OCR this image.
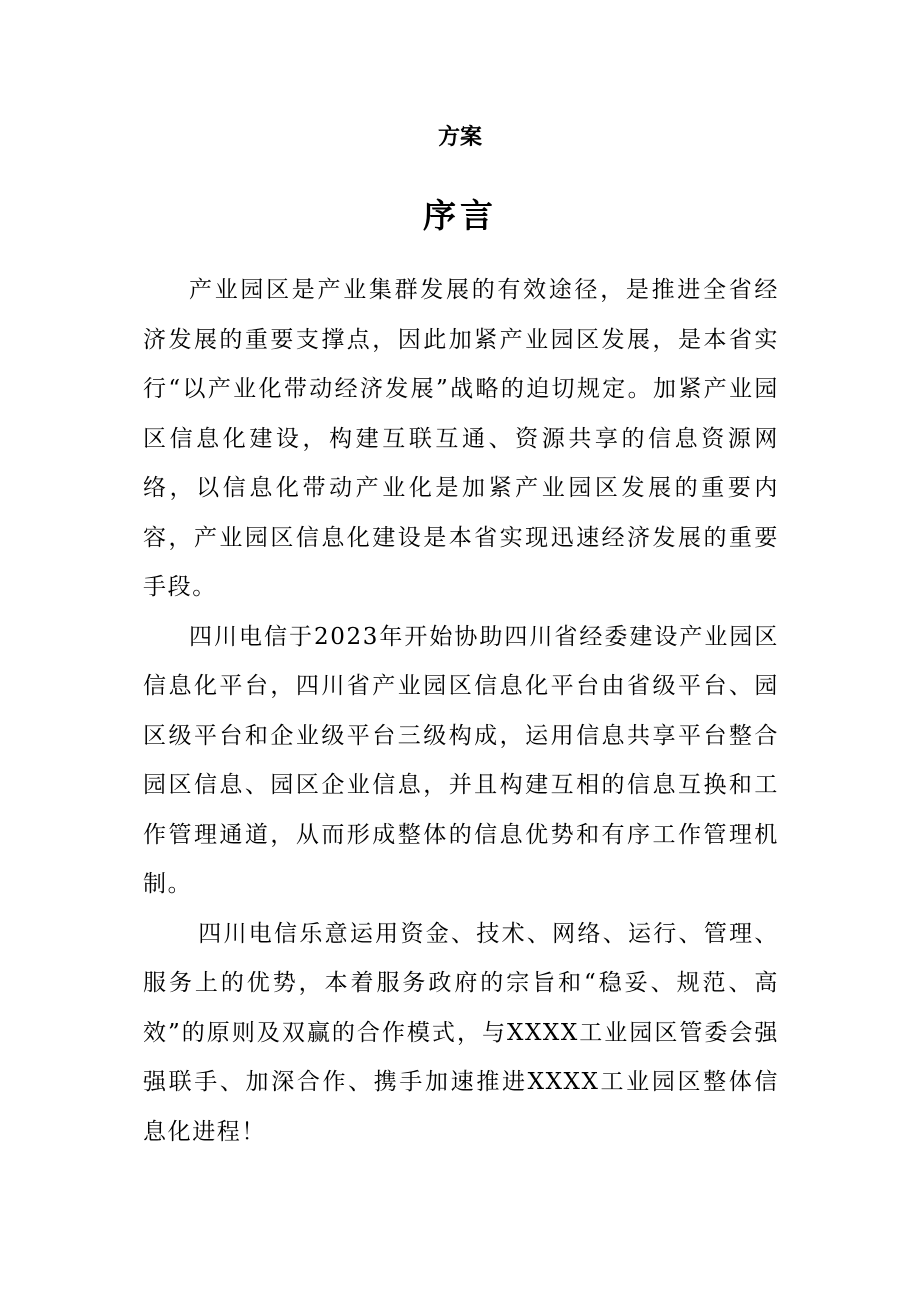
方案
序言

产业园区是产业集群发展的有效途径，是推进全省经济发展的重要支撑点，因此加紧产业园区发展，是本省实行“以产业化带动经济发展”战略的迫切规定。加紧产业园区信息化建设，构建互联互通、资源共享的信息资源网络，以信息化带动产业化是加紧产业园区发展的重要内容，产业园区信息化建设是本省实现迅速经济发展的重要手段。

四川电信于2023年开始协助四川省经委建设产业园区信息化平台，四川省产业园区信息化平台由省级平台、园区级平台和企业级平台三级构成，运用信息共享平台整合园区信息、园区企业信息，并且构建互相的信息互换和工作管理通道，从而形成整体的信息优势和有序工作管理机制。

四川电信乐意运用资金、技术、网络、运行、管理、服务上的优势，本着服务政府的宗旨和“稳妥、规范、高效”的原则及双赢的合作模式，与XXXX工业园区管委会强强联手、加深合作、携手加速推进XXXX工业园区整体信息化进程！
